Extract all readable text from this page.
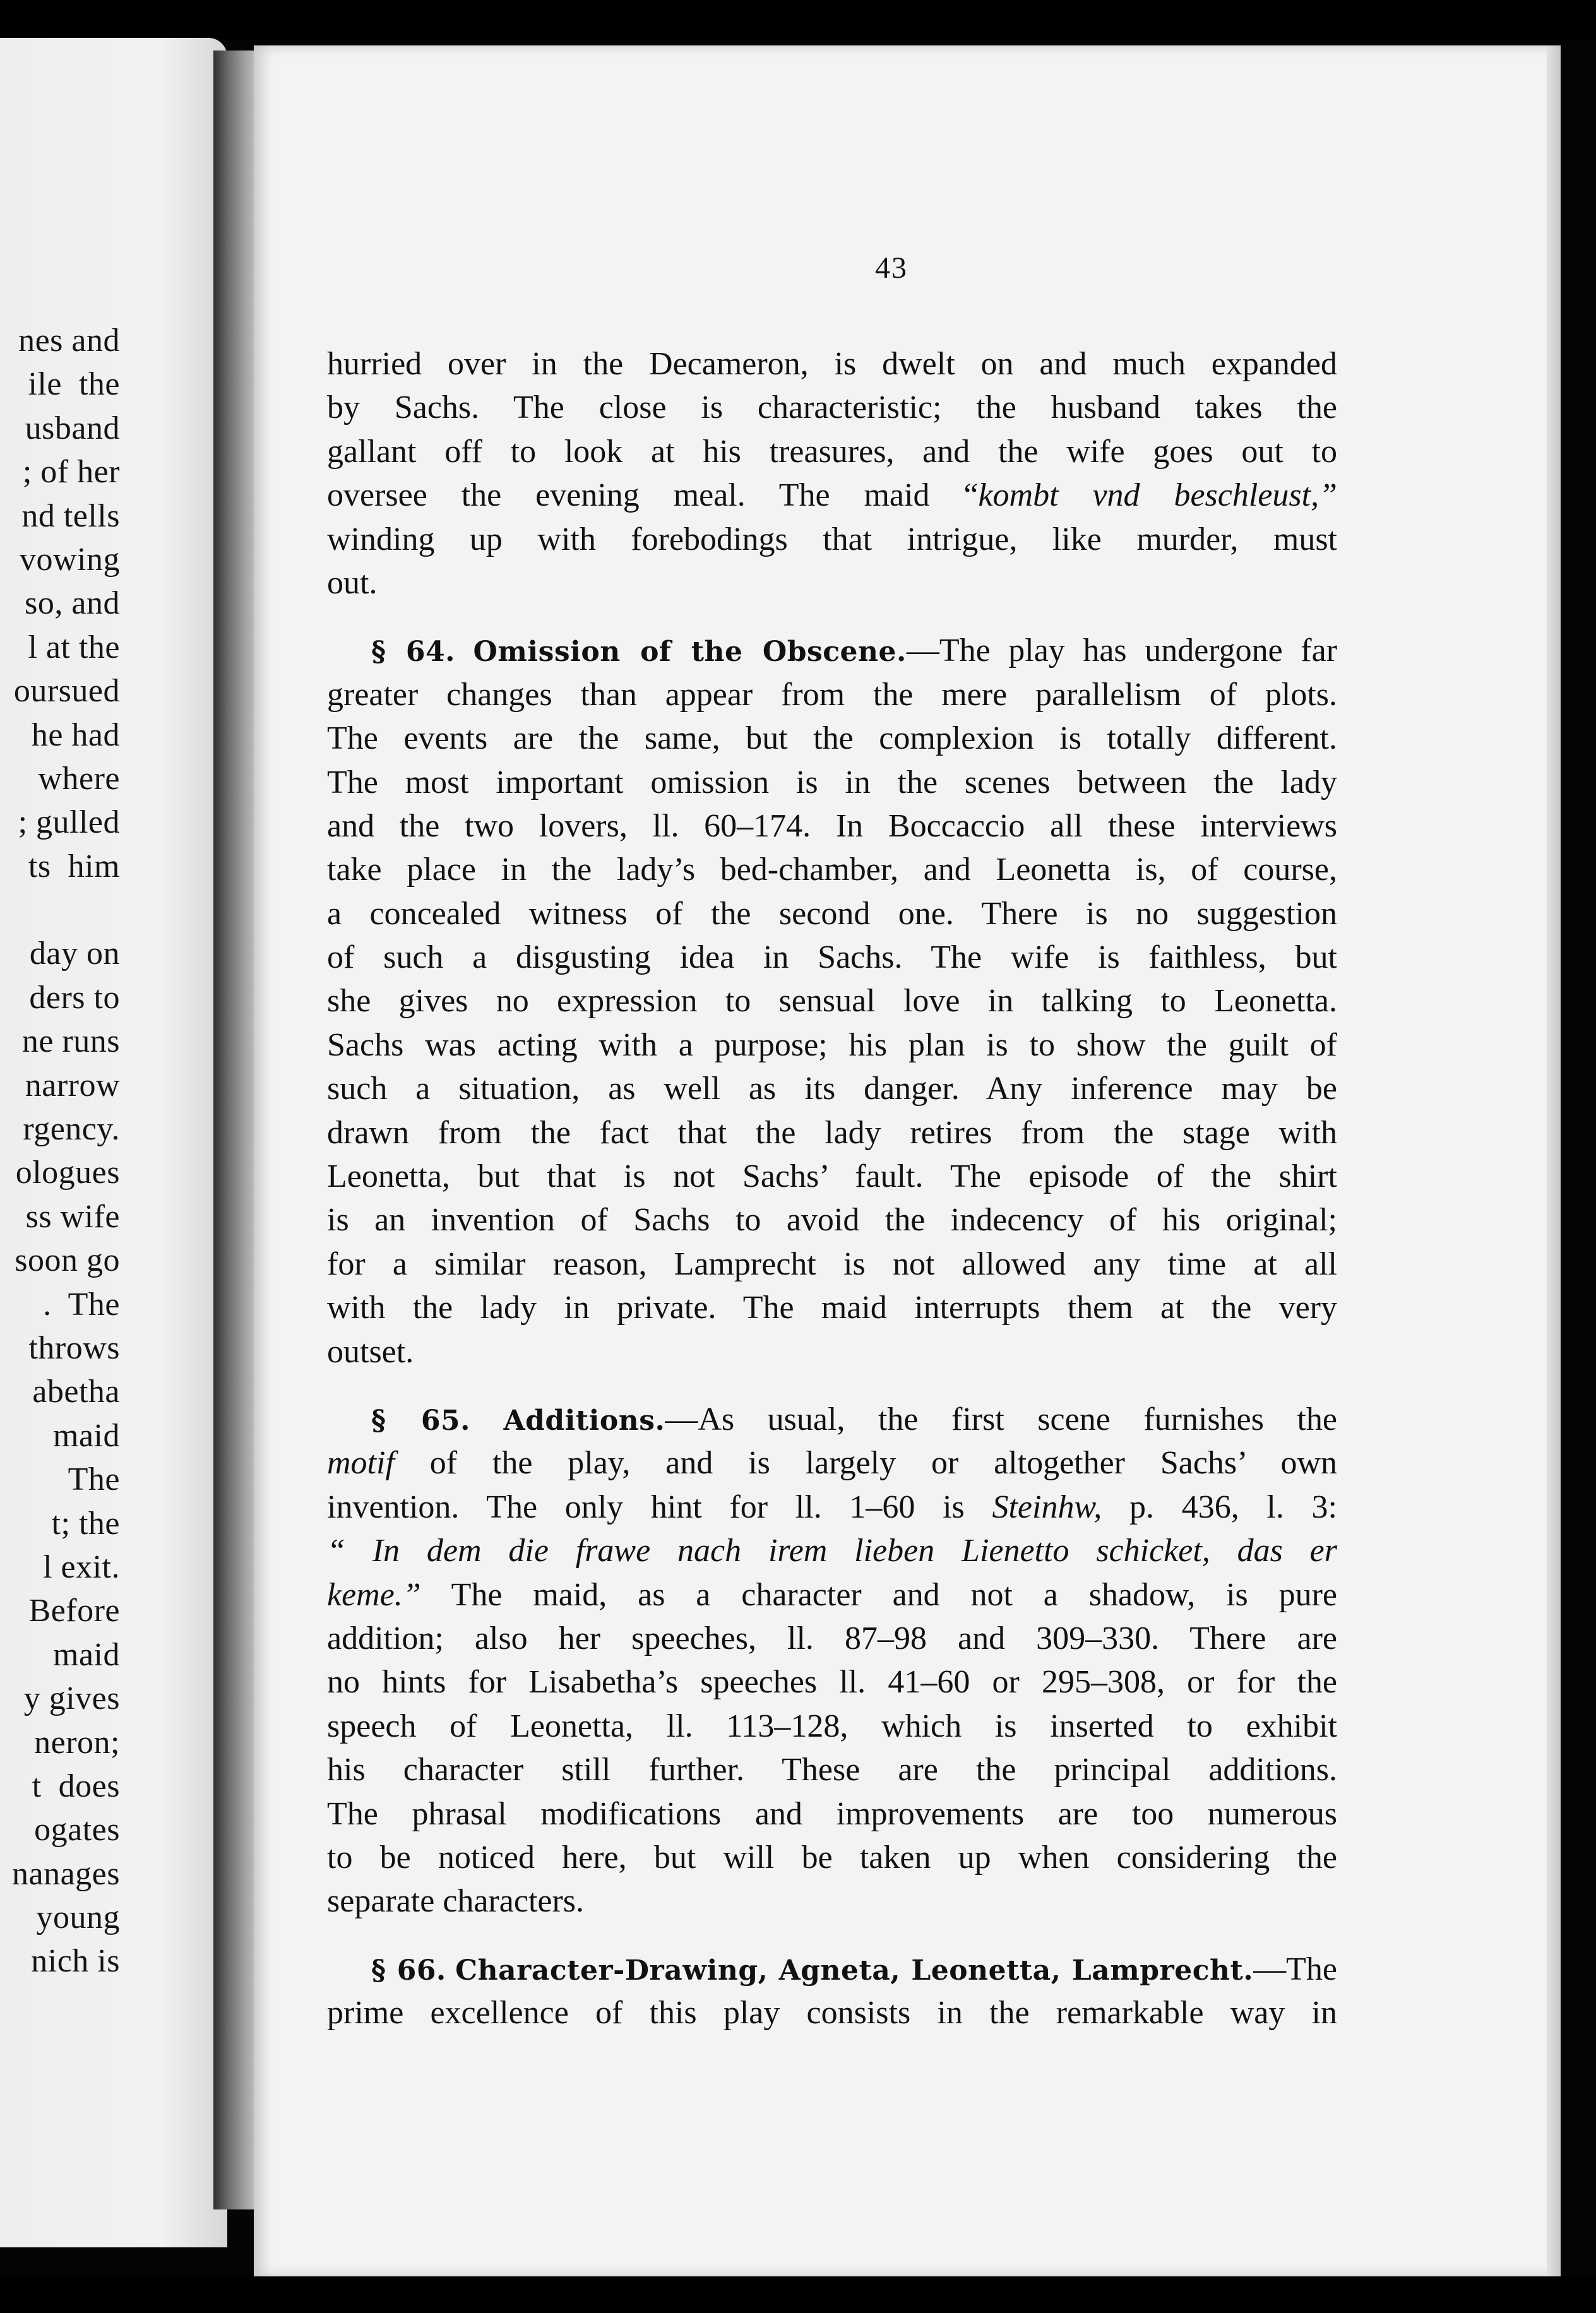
nes and
ile  the
usband
; of her
nd tells
vowing
so, and
l at the
oursued
he had
where
; gulled
ts  him
day on
ders to
ne runs
narrow
rgency.
ologues
ss wife
soon go
.  The
throws
abetha
maid
The
t; the
l exit.
Before
maid
y gives
neron;
t  does
ogates
nanages
young
nich is
43
hurried over in the Decameron, is dwelt on and much expanded
by Sachs. The close is characteristic; the husband takes the
gallant off to look at his treasures, and the wife goes out to
oversee the evening meal. The maid “kombt vnd beschleust,”
winding up with forebodings that intrigue, like murder, must
out.
§ 64. Omission of the Obscene.—The play has undergone far
greater changes than appear from the mere parallelism of plots.
The events are the same, but the complexion is totally different.
The most important omission is in the scenes between the lady
and the two lovers, ll. 60–174. In Boccaccio all these interviews
take place in the lady’s bed-chamber, and Leonetta is, of course,
a concealed witness of the second one. There is no suggestion
of such a disgusting idea in Sachs. The wife is faithless, but
she gives no expression to sensual love in talking to Leonetta.
Sachs was acting with a purpose; his plan is to show the guilt of
such a situation, as well as its danger. Any inference may be
drawn from the fact that the lady retires from the stage with
Leonetta, but that is not Sachs’ fault. The episode of the shirt
is an invention of Sachs to avoid the indecency of his original;
for a similar reason, Lamprecht is not allowed any time at all
with the lady in private. The maid interrupts them at the very
outset.
§ 65. Additions.—As usual, the first scene furnishes the
motif of the play, and is largely or altogether Sachs’ own
invention. The only hint for ll. 1–60 is Steinhw, p. 436, l. 3:
“ In dem die frawe nach irem lieben Lienetto schicket, das er
keme.” The maid, as a character and not a shadow, is pure
addition; also her speeches, ll. 87–98 and 309–330. There are
no hints for Lisabetha’s speeches ll. 41–60 or 295–308, or for the
speech of Leonetta, ll. 113–128, which is inserted to exhibit
his character still further. These are the principal additions.
The phrasal modifications and improvements are too numerous
to be noticed here, but will be taken up when considering the
separate characters.
§ 66. Character-Drawing, Agneta, Leonetta, Lamprecht.—The
prime excellence of this play consists in the remarkable way in
